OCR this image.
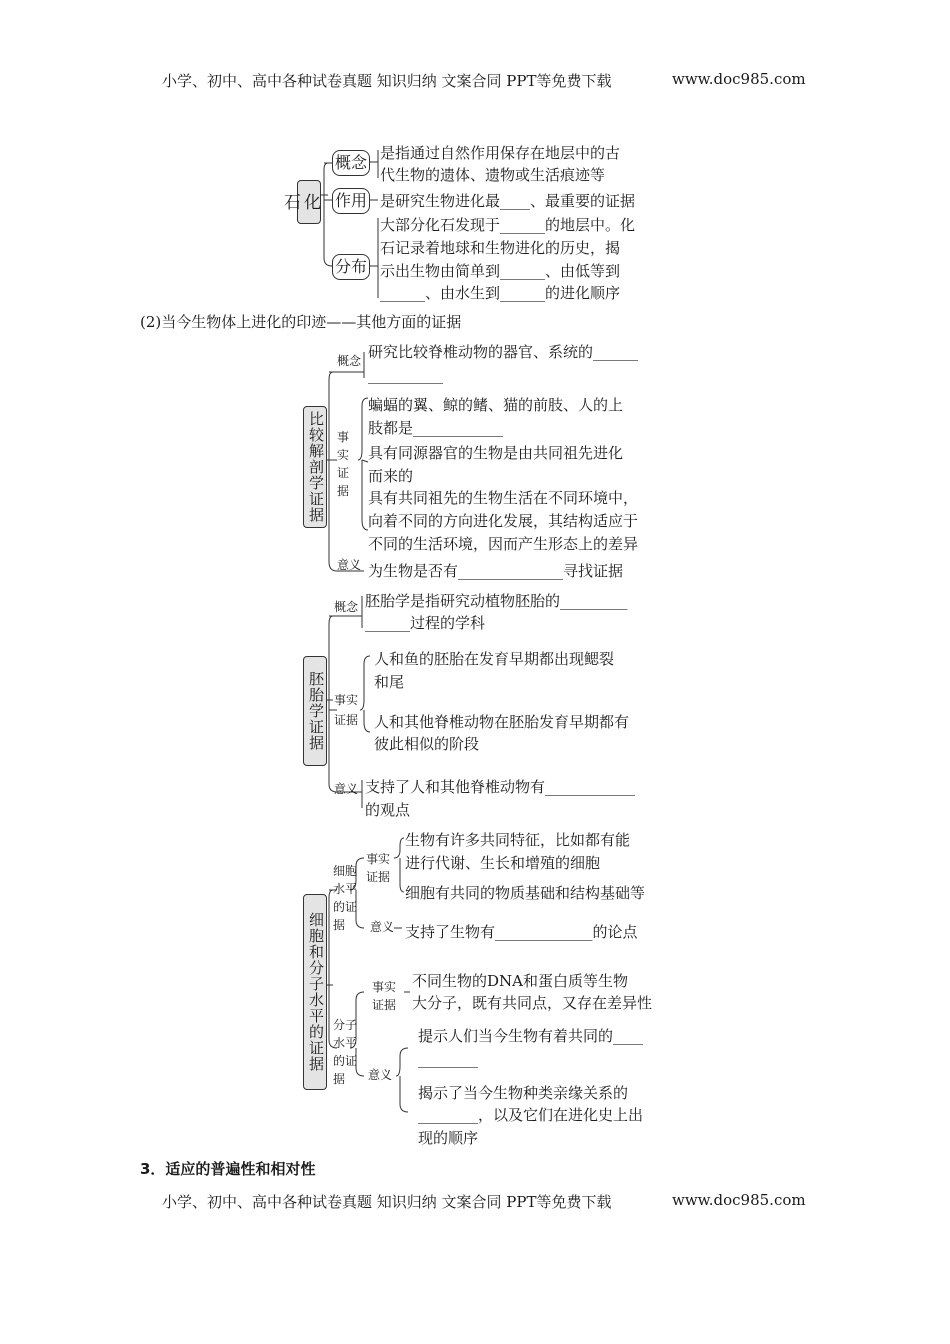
小学、初中、高中各种试卷真题 知识归纳 文案合同 PPT等免费下载	www.doc985.com
化石
概念
作用
分布
是指通过自然作用保存在地层中的古
代生物的遗体、遗物或生活痕迹等
是研究生物进化最____、最重要的证据
大部分化石发现于______的地层中。化
石记录着地球和生物进化的历史，揭
示出生物由简单到______、由低等到
______、由水生到______的进化顺序
(2)当今生物体上进化的印迹——其他方面的证据
比较解剖学证据
概念
事实证据
意义
研究比较脊椎动物的器官、系统的______
__________
蝙蝠的翼、鲸的鳍、猫的前肢、人的上
肢都是____________
具有同源器官的生物是由共同祖先进化
而来的
具有共同祖先的生物生活在不同环境中，
向着不同的方向进化发展，其结构适应于
不同的生活环境，因而产生形态上的差异
为生物是否有______________寻找证据
胚胎学证据
概念
事实证据
意义
胚胎学是指研究动植物胚胎的_________
______过程的学科
人和鱼的胚胎在发育早期都出现鳃裂
和尾
人和其他脊椎动物在胚胎发育早期都有
彼此相似的阶段
支持了人和其他脊椎动物有____________
的观点
细胞和分子水平的证据
细胞水平的证据
事实证据
意义
生物有许多共同特征，比如都有能
进行代谢、生长和增殖的细胞
细胞有共同的物质基础和结构基础等
支持了生物有_____________的论点
分子水平的证据
事实证据
意义
不同生物的DNA和蛋白质等生物
大分子，既有共同点，又存在差异性
提示人们当今生物有着共同的____
________
揭示了当今生物种类亲缘关系的
________，以及它们在进化史上出
现的顺序
3．适应的普遍性和相对性
小学、初中、高中各种试卷真题 知识归纳 文案合同 PPT等免费下载	www.doc985.com
